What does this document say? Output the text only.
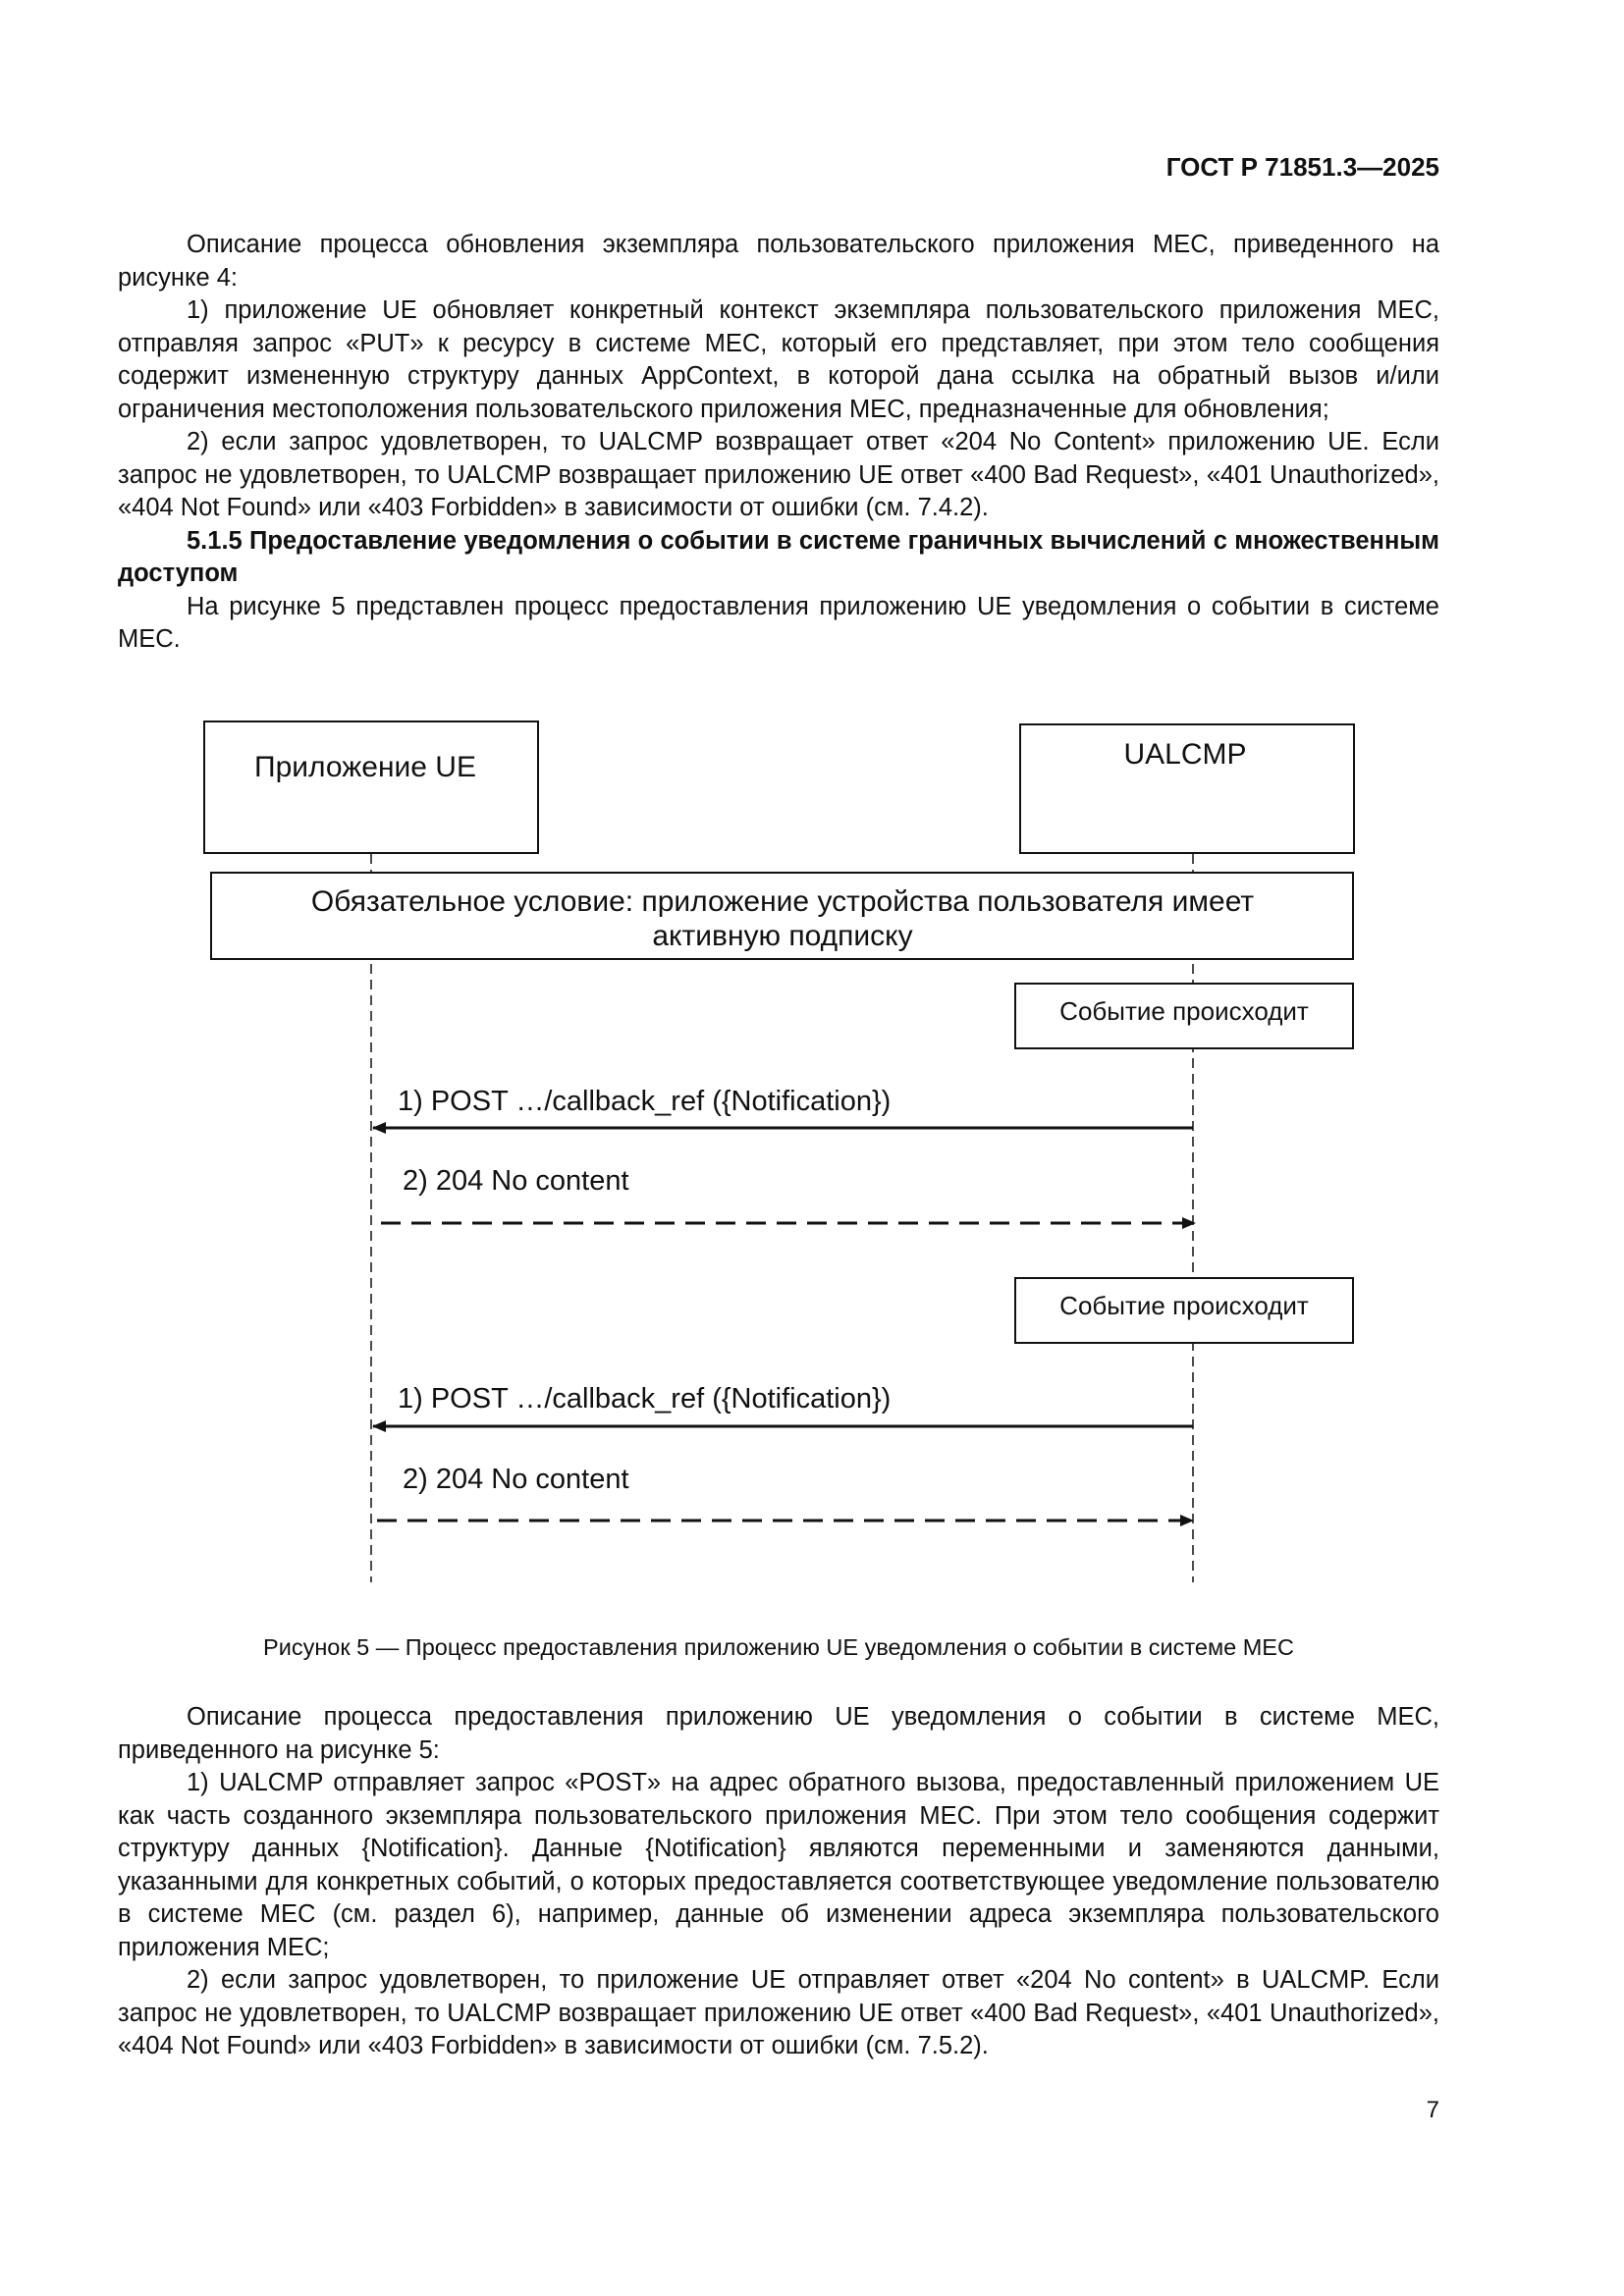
ГОСТ Р 71851.3—2025

Описание процесса обновления экземпляра пользовательского приложения МЕС, приведенного на рисунке 4:

1) приложение UE обновляет конкретный контекст экземпляра пользовательского приложения МЕС, отправляя запрос «PUT» к ресурсу в системе МЕС, который его представляет, при этом тело сообщения содержит измененную структуру данных AppContext, в которой дана ссылка на обратный вызов и/или ограничения местоположения пользовательского приложения МЕС, предназначенные для обновления;

2) если запрос удовлетворен, то UALCMP возвращает ответ «204 No Content» приложению UE. Если запрос не удовлетворен, то UALCMP возвращает приложению UE ответ «400 Bad Request», «401 Unauthorized», «404 Not Found» или «403 Forbidden» в зависимости от ошибки (см. 7.4.2).

5.1.5 Предоставление уведомления о событии в системе граничных вычислений с множественным доступом

На рисунке 5 представлен процесс предоставления приложению UE уведомления о событии в системе МЕС.

Приложение UE	UALCMP
Обязательное условие: приложение устройства пользователя имеет
активную подписку
Событие происходит
1) POST …/callback_ref ({Notification})
2) 204 No content
Событие происходит
1) POST …/callback_ref ({Notification})
2) 204 No content
Рисунок 5 — Процесс предоставления приложению UE уведомления о событии в системе МЕС

Описание процесса предоставления приложению UE уведомления о событии в системе МЕС, приведенного на рисунке 5:

1) UALCMP отправляет запрос «POST» на адрес обратного вызова, предоставленный приложением UE как часть созданного экземпляра пользовательского приложения МЕС. При этом тело сообщения содержит структуру данных {Notification}. Данные {Notification} являются переменными и заменяются данными, указанными для конкретных событий, о которых предоставляется соответствующее уведомление пользователю в системе МЕС (см. раздел 6), например, данные об изменении адреса экземпляра пользовательского приложения МЕС;

2) если запрос удовлетворен, то приложение UE отправляет ответ «204 No content» в UALCMP. Если запрос не удовлетворен, то UALCMP возвращает приложению UE ответ «400 Bad Request», «401 Unauthorized», «404 Not Found» или «403 Forbidden» в зависимости от ошибки (см. 7.5.2).

7
